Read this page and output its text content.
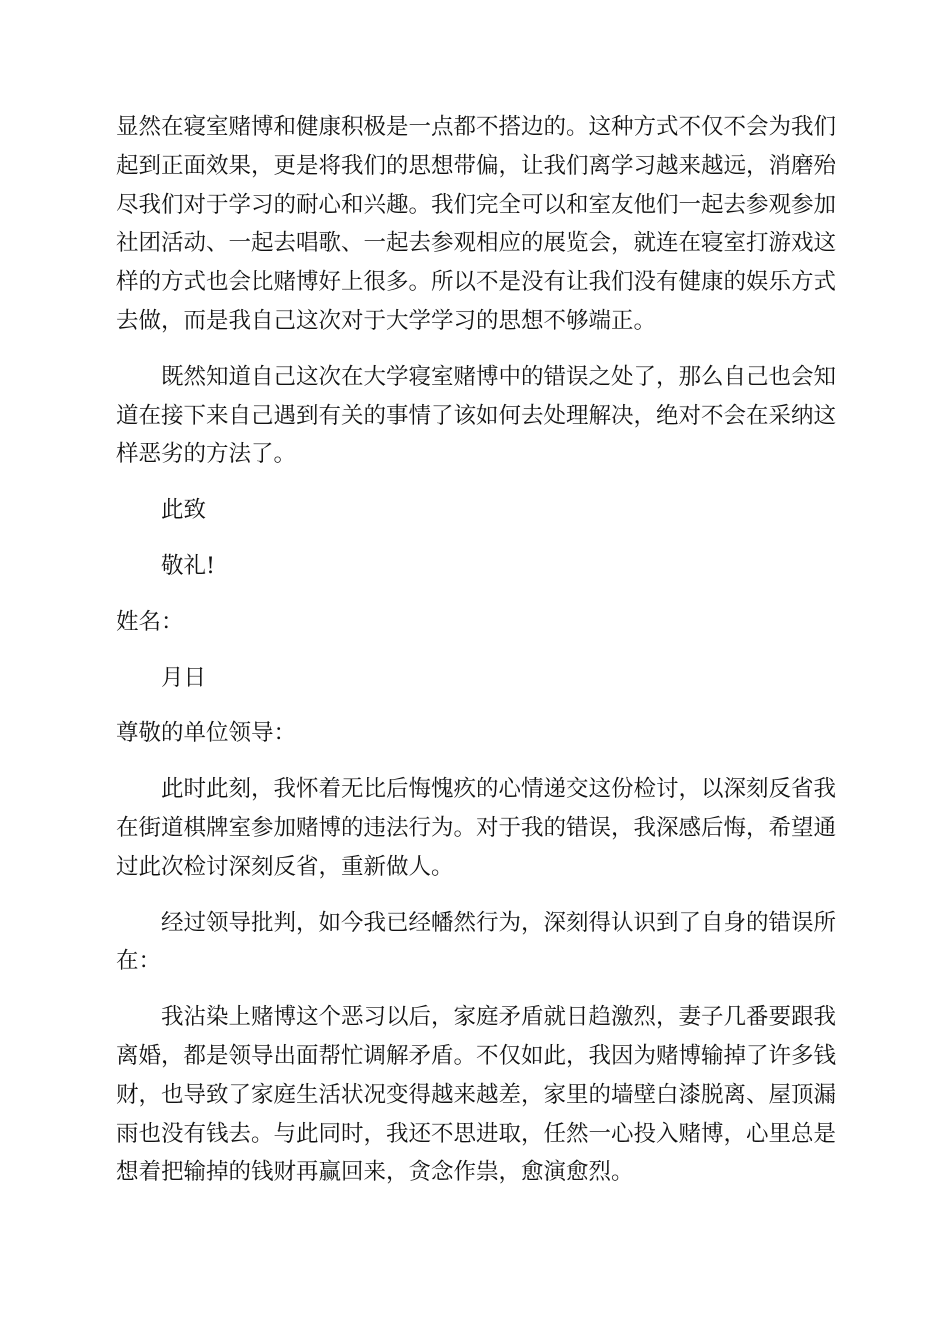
显然在寝室赌博和健康积极是一点都不搭边的。这种方式不仅不会为我们起到正面效果，更是将我们的思想带偏，让我们离学习越来越远，消磨殆尽我们对于学习的耐心和兴趣。我们完全可以和室友他们一起去参观参加社团活动、一起去唱歌、一起去参观相应的展览会，就连在寝室打游戏这样的方式也会比赌博好上很多。所以不是没有让我们没有健康的娱乐方式去做，而是我自己这次对于大学学习的思想不够端正。

既然知道自己这次在大学寝室赌博中的错误之处了，那么自己也会知道在接下来自己遇到有关的事情了该如何去处理解决，绝对不会在采纳这样恶劣的方法了。

此致

敬礼!

姓名：

月日

尊敬的单位领导：

此时此刻，我怀着无比后悔愧疚的心情递交这份检讨，以深刻反省我在街道棋牌室参加赌博的违法行为。对于我的错误，我深感后悔，希望通过此次检讨深刻反省，重新做人。

经过领导批判，如今我已经幡然行为，深刻得认识到了自身的错误所在：

我沾染上赌博这个恶习以后，家庭矛盾就日趋激烈，妻子几番要跟我离婚，都是领导出面帮忙调解矛盾。不仅如此，我因为赌博输掉了许多钱财，也导致了家庭生活状况变得越来越差，家里的墙壁白漆脱离、屋顶漏雨也没有钱去。与此同时，我还不思进取，任然一心投入赌博，心里总是想着把输掉的钱财再赢回来，贪念作祟，愈演愈烈。
